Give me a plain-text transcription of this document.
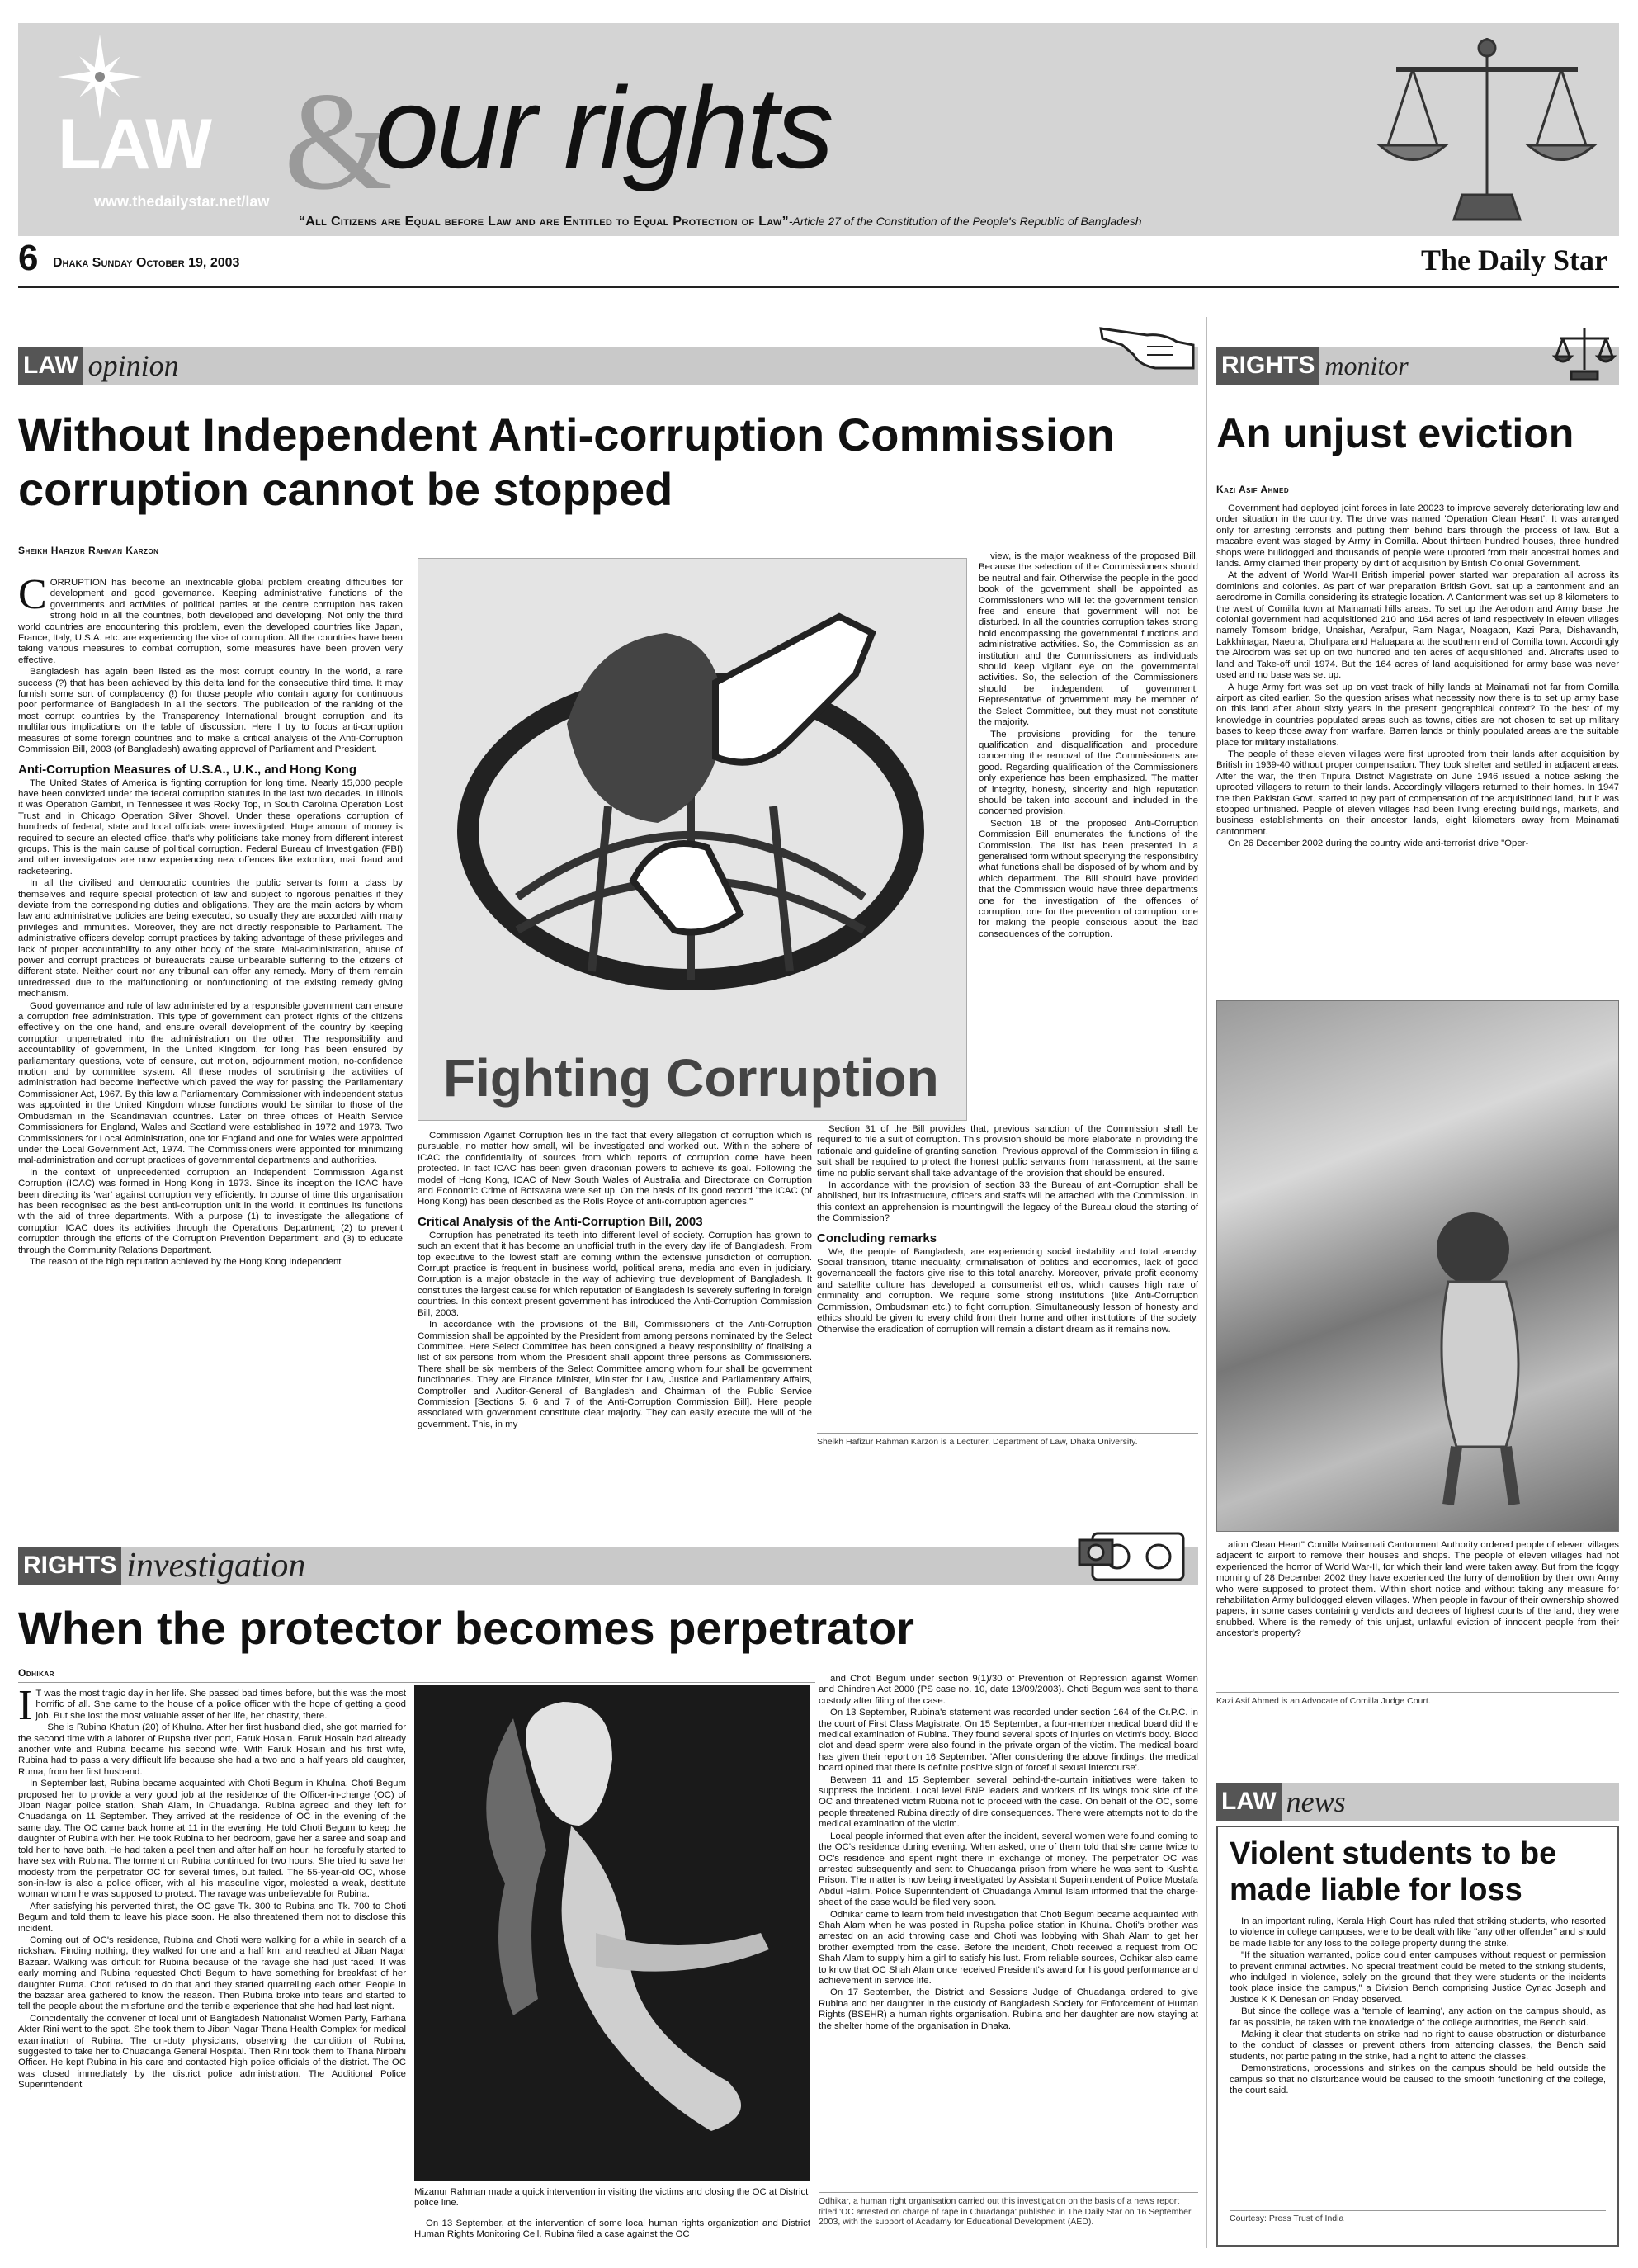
LAW &
our rights
www.thedailystar.net/law
“All Citizens are Equal before Law and are Entitled to Equal Protection of Law”-Article 27 of the Constitution of the People's Republic of Bangladesh
6 Dhaka Sunday October 19, 2003	The Daily Star
LAW opinion
Without Independent Anti-corruption Commission corruption cannot be stopped
Sheikh Hafizur Rahman Karzon

CORRUPTION has become an inextricable global problem creating difficulties for development and good governance. Keeping administrative functions of the governments and activities of political parties at the centre corruption has taken strong hold in all the countries, both developed and developing. Not only the third world countries are encountering this problem, even the developed countries like Japan, France, Italy, U.S.A. etc. are experiencing the vice of corruption. All the countries have been taking various measures to combat corruption, some measures have been proven very effective.

Bangladesh has again been listed as the most corrupt country in the world, a rare success (?) that has been achieved by this delta land for the consecutive third time. It may furnish some sort of complacency (!) for those people who contain agony for continuous poor performance of Bangladesh in all the sectors. The publication of the ranking of the most corrupt countries by the Transparency International brought corruption and its multifarious implications on the table of discussion. Here I try to focus anti-corruption measures of some foreign countries and to make a critical analysis of the Anti-Corruption Commission Bill, 2003 (of Bangladesh) awaiting approval of Parliament and President.

Anti-Corruption Measures of U.S.A., U.K., and Hong Kong

The United States of America is fighting corruption for long time. Nearly 15,000 people have been convicted under the federal corruption statutes in the last two decades. In Illinois it was Operation Gambit, in Tennessee it was Rocky Top, in South Carolina Operation Lost Trust and in Chicago Operation Silver Shovel. Under these operations corruption of hundreds of federal, state and local officials were investigated. Huge amount of money is required to secure an elected office, that's why politicians take money from different interest groups. This is the main cause of political corruption. Federal Bureau of Investigation (FBI) and other investigators are now experiencing new offences like extortion, mail fraud and racketeering.

In all the civilised and democratic countries the public servants form a class by themselves and require special protection of law and subject to rigorous penalties if they deviate from the corresponding duties and obligations. They are the main actors by whom law and administrative policies are being executed, so usually they are accorded with many privileges and immunities. Moreover, they are not directly responsible to Parliament. The administrative officers develop corrupt practices by taking advantage of these privileges and lack of proper accountability to any other body of the state. Mal-administration, abuse of power and corrupt practices of bureaucrats cause unbearable suffering to the citizens of different state. Neither court nor any tribunal can offer any remedy. Many of them remain unredressed due to the malfunctioning or nonfunctioning of the existing remedy giving mechanism.

Good governance and rule of law administered by a responsible government can ensure a corruption free administration. This type of government can protect rights of the citizens effectively on the one hand, and ensure overall development of the country by keeping corruption unpenetrated into the administration on the other. The responsibility and accountability of government, in the United Kingdom, for long has been ensured by parliamentary questions, vote of censure, cut motion, adjournment motion, no-confidence motion and by committee system. All these modes of scrutinising the activities of administration had become ineffective which paved the way for passing the Parliamentary Commissioner Act, 1967. By this law a Parliamentary Commissioner with independent status was appointed in the United Kingdom whose functions would be similar to those of the Ombudsman in the Scandinavian countries. Later on three offices of Health Service Commissioners for England, Wales and Scotland were established in 1972 and 1973. Two Commissioners for Local Administration, one for England and one for Wales were appointed under the Local Government Act, 1974. The Commissioners were appointed for minimizing mal-administration and corrupt practices of governmental departments and authorities.

In the context of unprecedented corruption an Independent Commission Against Corruption (ICAC) was formed in Hong Kong in 1973. Since its inception the ICAC have been directing its 'war' against corruption very efficiently. In course of time this organisation has been recognised as the best anti-corruption unit in the world. It continues its functions with the aid of three departments. With a purpose (1) to investigate the allegations of corruption ICAC does its activities through the Operations Department; (2) to prevent corruption through the efforts of the Corruption Prevention Department; and (3) to educate through the Community Relations Department.

The reason of the high reputation achieved by the Hong Kong Independent

Fighting Corruption

Commission Against Corruption lies in the fact that every allegation of corruption which is pursuable, no matter how small, will be investigated and worked out. Within the sphere of ICAC the confidentiality of sources from which reports of corruption come have been protected. In fact ICAC has been given draconian powers to achieve its goal. Following the model of Hong Kong, ICAC of New South Wales of Australia and Directorate on Corruption and Economic Crime of Botswana were set up. On the basis of its good record "the ICAC (of Hong Kong) has been described as the Rolls Royce of anti-corruption agencies."

Critical Analysis of the Anti-Corruption Bill, 2003

Corruption has penetrated its teeth into different level of society. Corruption has grown to such an extent that it has become an unofficial truth in the every day life of Bangladesh. From top executive to the lowest staff are coming within the extensive jurisdiction of corruption. Corrupt practice is frequent in business world, political arena, media and even in judiciary. Corruption is a major obstacle in the way of achieving true development of Bangladesh. It constitutes the largest cause for which reputation of Bangladesh is severely suffering in foreign countries. In this context present government has introduced the Anti-Corruption Commission Bill, 2003.

In accordance with the provisions of the Bill, Commissioners of the Anti-Corruption Commission shall be appointed by the President from among persons nominated by the Select Committee. Here Select Committee has been consigned a heavy responsibility of finalising a list of six persons from whom the President shall appoint three persons as Commissioners. There shall be six members of the Select Committee among whom four shall be government functionaries. They are Finance Minister, Minister for Law, Justice and Parliamentary Affairs, Comptroller and Auditor-General of Bangladesh and Chairman of the Public Service Commission [Sections 5, 6 and 7 of the Anti-Corruption Commission Bill]. Here people associated with government constitute clear majority. They can easily execute the will of the government. This, in my

view, is the major weakness of the proposed Bill. Because the selection of the Commissioners should be neutral and fair. Otherwise the people in the good book of the government shall be appointed as Commissioners who will let the government tension free and ensure that government will not be disturbed. In all the countries corruption takes strong hold encompassing the governmental functions and administrative activities. So, the Commission as an institution and the Commissioners as individuals should keep vigilant eye on the governmental activities. So, the selection of the Commissioners should be independent of government. Representative of government may be member of the Select Committee, but they must not constitute the majority.

The provisions providing for the tenure, qualification and disqualification and procedure concerning the removal of the Commissioners are good. Regarding qualification of the Commissioners only experience has been emphasized. The matter of integrity, honesty, sincerity and high reputation should be taken into account and included in the concerned provision.

Section 18 of the proposed Anti-Corruption Commission Bill enumerates the functions of the Commission. The list has been presented in a generalised form without specifying the responsibility what functions shall be disposed of by whom and by which department. The Bill should have provided that the Commission would have three departments one for the investigation of the offences of corruption, one for the prevention of corruption, one for making the people conscious about the bad consequences of the corruption.

Section 31 of the Bill provides that, previous sanction of the Commission shall be required to file a suit of corruption. This provision should be more elaborate in providing the rationale and guideline of granting sanction. Previous approval of the Commission in filing a suit shall be required to protect the honest public servants from harassment, at the same time no public servant shall take advantage of the provision that should be ensured.

In accordance with the provision of section 33 the Bureau of anti-Corruption shall be abolished, but its infrastructure, officers and staffs will be attached with the Commission. In this context an apprehension is mountingwill the legacy of the Bureau cloud the starting of the Commission?

Concluding remarks

We, the people of Bangladesh, are experiencing social instability and total anarchy. Social transition, titanic inequality, crminalisation of politics and economics, lack of good governanceall the factors give rise to this total anarchy. Moreover, private profit economy and satellite culture has developed a consumerist ethos, which causes high rate of criminality and corruption. We require some strong institutions (like Anti-Corruption Commission, Ombudsman etc.) to fight corruption. Simultaneously lesson of honesty and ethics should be given to every child from their home and other institutions of the society. Otherwise the eradication of corruption will remain a distant dream as it remains now.

Sheikh Hafizur Rahman Karzon is a Lecturer, Department of Law, Dhaka University.
RIGHTS monitor
An unjust eviction
Kazi Asif Ahmed

Government had deployed joint forces in late 20023 to improve severely deteriorating law and order situation in the country. The drive was named 'Operation Clean Heart'. It was arranged only for arresting terrorists and putting them behind bars through the process of law. But a macabre event was staged by Army in Comilla. About thirteen hundred houses, three hundred shops were bulldogged and thousands of people were uprooted from their ancestral homes and lands. Army claimed their property by dint of acquisition by British Colonial Government.

At the advent of World War-II British imperial power started war preparation all across its dominions and colonies. As part of war preparation British Govt. sat up a cantonment and an aerodrome in Comilla considering its strategic location. A Cantonment was set up 8 kilometers to the west of Comilla town at Mainamati hills areas. To set up the Aerodom and Army base the colonial government had acquisitioned 210 and 164 acres of land respectively in eleven villages namely Tomsom bridge, Unaishar, Asrafpur, Ram Nagar, Noagaon, Kazi Para, Dishavandh, Lakkhinagar, Naeura, Dhulipara and Haluapara at the southern end of Comilla town. Accordingly the Airodrom was set up on two hundred and ten acres of acquisitioned land. Aircrafts used to land and Take-off until 1974. But the 164 acres of land acquisitioned for army base was never used and no base was set up.

A huge Army fort was set up on vast track of hilly lands at Mainamati not far from Comilla airport as cited earlier. So the question arises what necessity now there is to set up army base on this land after about sixty years in the present geographical context? To the best of my knowledge in countries populated areas such as towns, cities are not chosen to set up military bases to keep those away from warfare. Barren lands or thinly populated areas are the suitable place for military installations.

The people of these eleven villages were first uprooted from their lands after acquisition by British in 1939-40 without proper compensation. They took shelter and settled in adjacent areas. After the war, the then Tripura District Magistrate on June 1946 issued a notice asking the uprooted villagers to return to their lands. Accordingly villagers returned to their homes. In 1947 the then Pakistan Govt. started to pay part of compensation of the acquisitioned land, but it was stopped unfinished. People of eleven villages had been living erecting buildings, markets, and business establishments on their ancestor lands, eight kilometers away from Mainamati cantonment.

On 26 December 2002 during the country wide anti-terrorist drive "Oper-

ation Clean Heart" Comilla Mainamati Cantonment Authority ordered people of eleven villages adjacent to airport to remove their houses and shops. The people of eleven villages had not experienced the horror of World War-II, for which their land were taken away. But from the foggy morning of 28 December 2002 they have experienced the furry of demolition by their own Army who were supposed to protect them. Within short notice and without taking any measure for rehabilitation Army bulldogged eleven villages. When people in favour of their ownership showed papers, in some cases containing verdicts and decrees of highest courts of the land, they were snubbed. Where is the remedy of this unjust, unlawful eviction of innocent people from their ancestor's property?

Kazi Asif Ahmed is an Advocate of Comilla Judge Court.
RIGHTS investigation
When the protector becomes perpetrator
Odhikar

I T was the most tragic day in her life. She passed bad times before, but this was the most horrific of all. She came to the house of a police officer with the hope of getting a good job. But she lost the most valuable asset of her life, her chastity, there.

She is Rubina Khatun (20) of Khulna. After her first husband died, she got married for the second time with a laborer of Rupsha river port, Faruk Hosain. Faruk Hosain had already another wife and Rubina became his second wife. With Faruk Hosain and his first wife, Rubina had to pass a very difficult life because she had a two and a half years old daughter, Ruma, from her first husband.

In September last, Rubina became acquainted with Choti Begum in Khulna. Choti Begum proposed her to provide a very good job at the residence of the Officer-in-charge (OC) of Jiban Nagar police station, Shah Alam, in Chuadanga. Rubina agreed and they left for Chuadanga on 11 September. They arrived at the residence of OC in the evening of the same day. The OC came back home at 11 in the evening. He told Choti Begum to keep the daughter of Rubina with her. He took Rubina to her bedroom, gave her a saree and soap and told her to have bath. He had taken a peel then and after half an hour, he forcefully started to have sex with Rubina. The torment on Rubina continued for two hours. She tried to save her modesty from the perpetrator OC for several times, but failed. The 55-year-old OC, whose son-in-law is also a police officer, with all his masculine vigor, molested a weak, destitute woman whom he was supposed to protect. The ravage was unbelievable for Rubina.

After satisfying his perverted thirst, the OC gave Tk. 300 to Rubina and Tk. 700 to Choti Begum and told them to leave his place soon. He also threatened them not to disclose this incident.

Coming out of OC's residence, Rubina and Choti were walking for a while in search of a rickshaw. Finding nothing, they walked for one and a half km. and reached at Jiban Nagar Bazaar. Walking was difficult for Rubina because of the ravage she had just faced. It was early morning and Rubina requested Choti Begum to have something for breakfast of her daughter Ruma. Choti refused to do that and they started quarrelling each other. People in the bazaar area gathered to know the reason. Then Rubina broke into tears and started to tell the people about the misfortune and the terrible experience that she had had last night.

Coincidentally the convener of local unit of Bangladesh Nationalist Women Party, Farhana Akter Rini went to the spot. She took them to Jiban Nagar Thana Health Complex for medical examination of Rubina. The on-duty physicians, observing the condition of Rubina, suggested to take her to Chuadanga General Hospital. Then Rini took them to Thana Nirbahi Officer. He kept Rubina in his care and contacted high police officials of the district. The OC was closed immediately by the district police administration. The Additional Police Superintendent

Mizanur Rahman made a quick intervention in visiting the victims and closing the OC at District police line.

On 13 September, at the intervention of some local human rights organization and District Human Rights Monitoring Cell, Rubina filed a case against the OC

and Choti Begum under section 9(1)/30 of Prevention of Repression against Women and Chindren Act 2000 (PS case no. 10, date 13/09/2003). Choti Begum was sent to thana custody after filing of the case.

On 13 September, Rubina's statement was recorded under section 164 of the Cr.P.C. in the court of First Class Magistrate. On 15 September, a four-member medical board did the medical examination of Rubina. They found several spots of injuries on victim's body. Blood clot and dead sperm were also found in the private organ of the victim. The medical board has given their report on 16 September. 'After considering the above findings, the medical board opined that there is definite positive sign of forceful sexual intercourse'.

Between 11 and 15 September, several behind-the-curtain initiatives were taken to suppress the incident. Local level BNP leaders and workers of its wings took side of the OC and threatened victim Rubina not to proceed with the case. On behalf of the OC, some people threatened Rubina directly of dire consequences. There were attempts not to do the medical examination of the victim.

Local people informed that even after the incident, several women were found coming to the OC's residence during evening. When asked, one of them told that she came twice to OC's residence and spent night there in exchange of money. The perpetrator OC was arrested subsequently and sent to Chuadanga prison from where he was sent to Kushtia Prison. The matter is now being investigated by Assistant Superintendent of Police Mostafa Abdul Halim. Police Superintendent of Chuadanga Aminul Islam informed that the charge-sheet of the case would be filed very soon.

Odhikar came to learn from field investigation that Choti Begum became acquainted with Shah Alam when he was posted in Rupsha police station in Khulna. Choti's brother was arrested on an acid throwing case and Choti was lobbying with Shah Alam to get her brother exempted from the case. Before the incident, Choti received a request from OC Shah Alam to supply him a girl to satisfy his lust. From reliable sources, Odhikar also came to know that OC Shah Alam once received President's award for his good performance and achievement in service life.

On 17 September, the District and Sessions Judge of Chuadanga ordered to give Rubina and her daughter in the custody of Bangladesh Society for Enforcement of Human Rights (BSEHR) a human rights organisation. Rubina and her daughter are now staying at the shelter home of the organisation in Dhaka.

Odhikar, a human right organisation carried out this investigation on the basis of a news report titled 'OC arrested on charge of rape in Chuadanga' published in The Daily Star on 16 September 2003, with the support of Acadamy for Educational Development (AED).
LAW news
Violent students to be made liable for loss

In an important ruling, Kerala High Court has ruled that striking students, who resorted to violence in college campuses, were to be dealt with like "any other offender" and should be made liable for any loss to the college property during the strike.

"If the situation warranted, police could enter campuses without request or permission to prevent criminal activities. No special treatment could be meted to the striking students, who indulged in violence, solely on the ground that they were students or the incidents took place inside the campus," a Division Bench comprising Justice Cyriac Joseph and Justice K K Denesan on Friday observed.

But since the college was a 'temple of learning', any action on the campus should, as far as possible, be taken with the knowledge of the college authorities, the Bench said.

Making it clear that students on strike had no right to cause obstruction or disturbance to the conduct of classes or prevent others from attending classes, the Bench said students, not participating in the strike, had a right to attend the classes.

Demonstrations, processions and strikes on the campus should be held outside the campus so that no disturbance would be caused to the smooth functioning of the college, the court said.

Courtesy: Press Trust of India
